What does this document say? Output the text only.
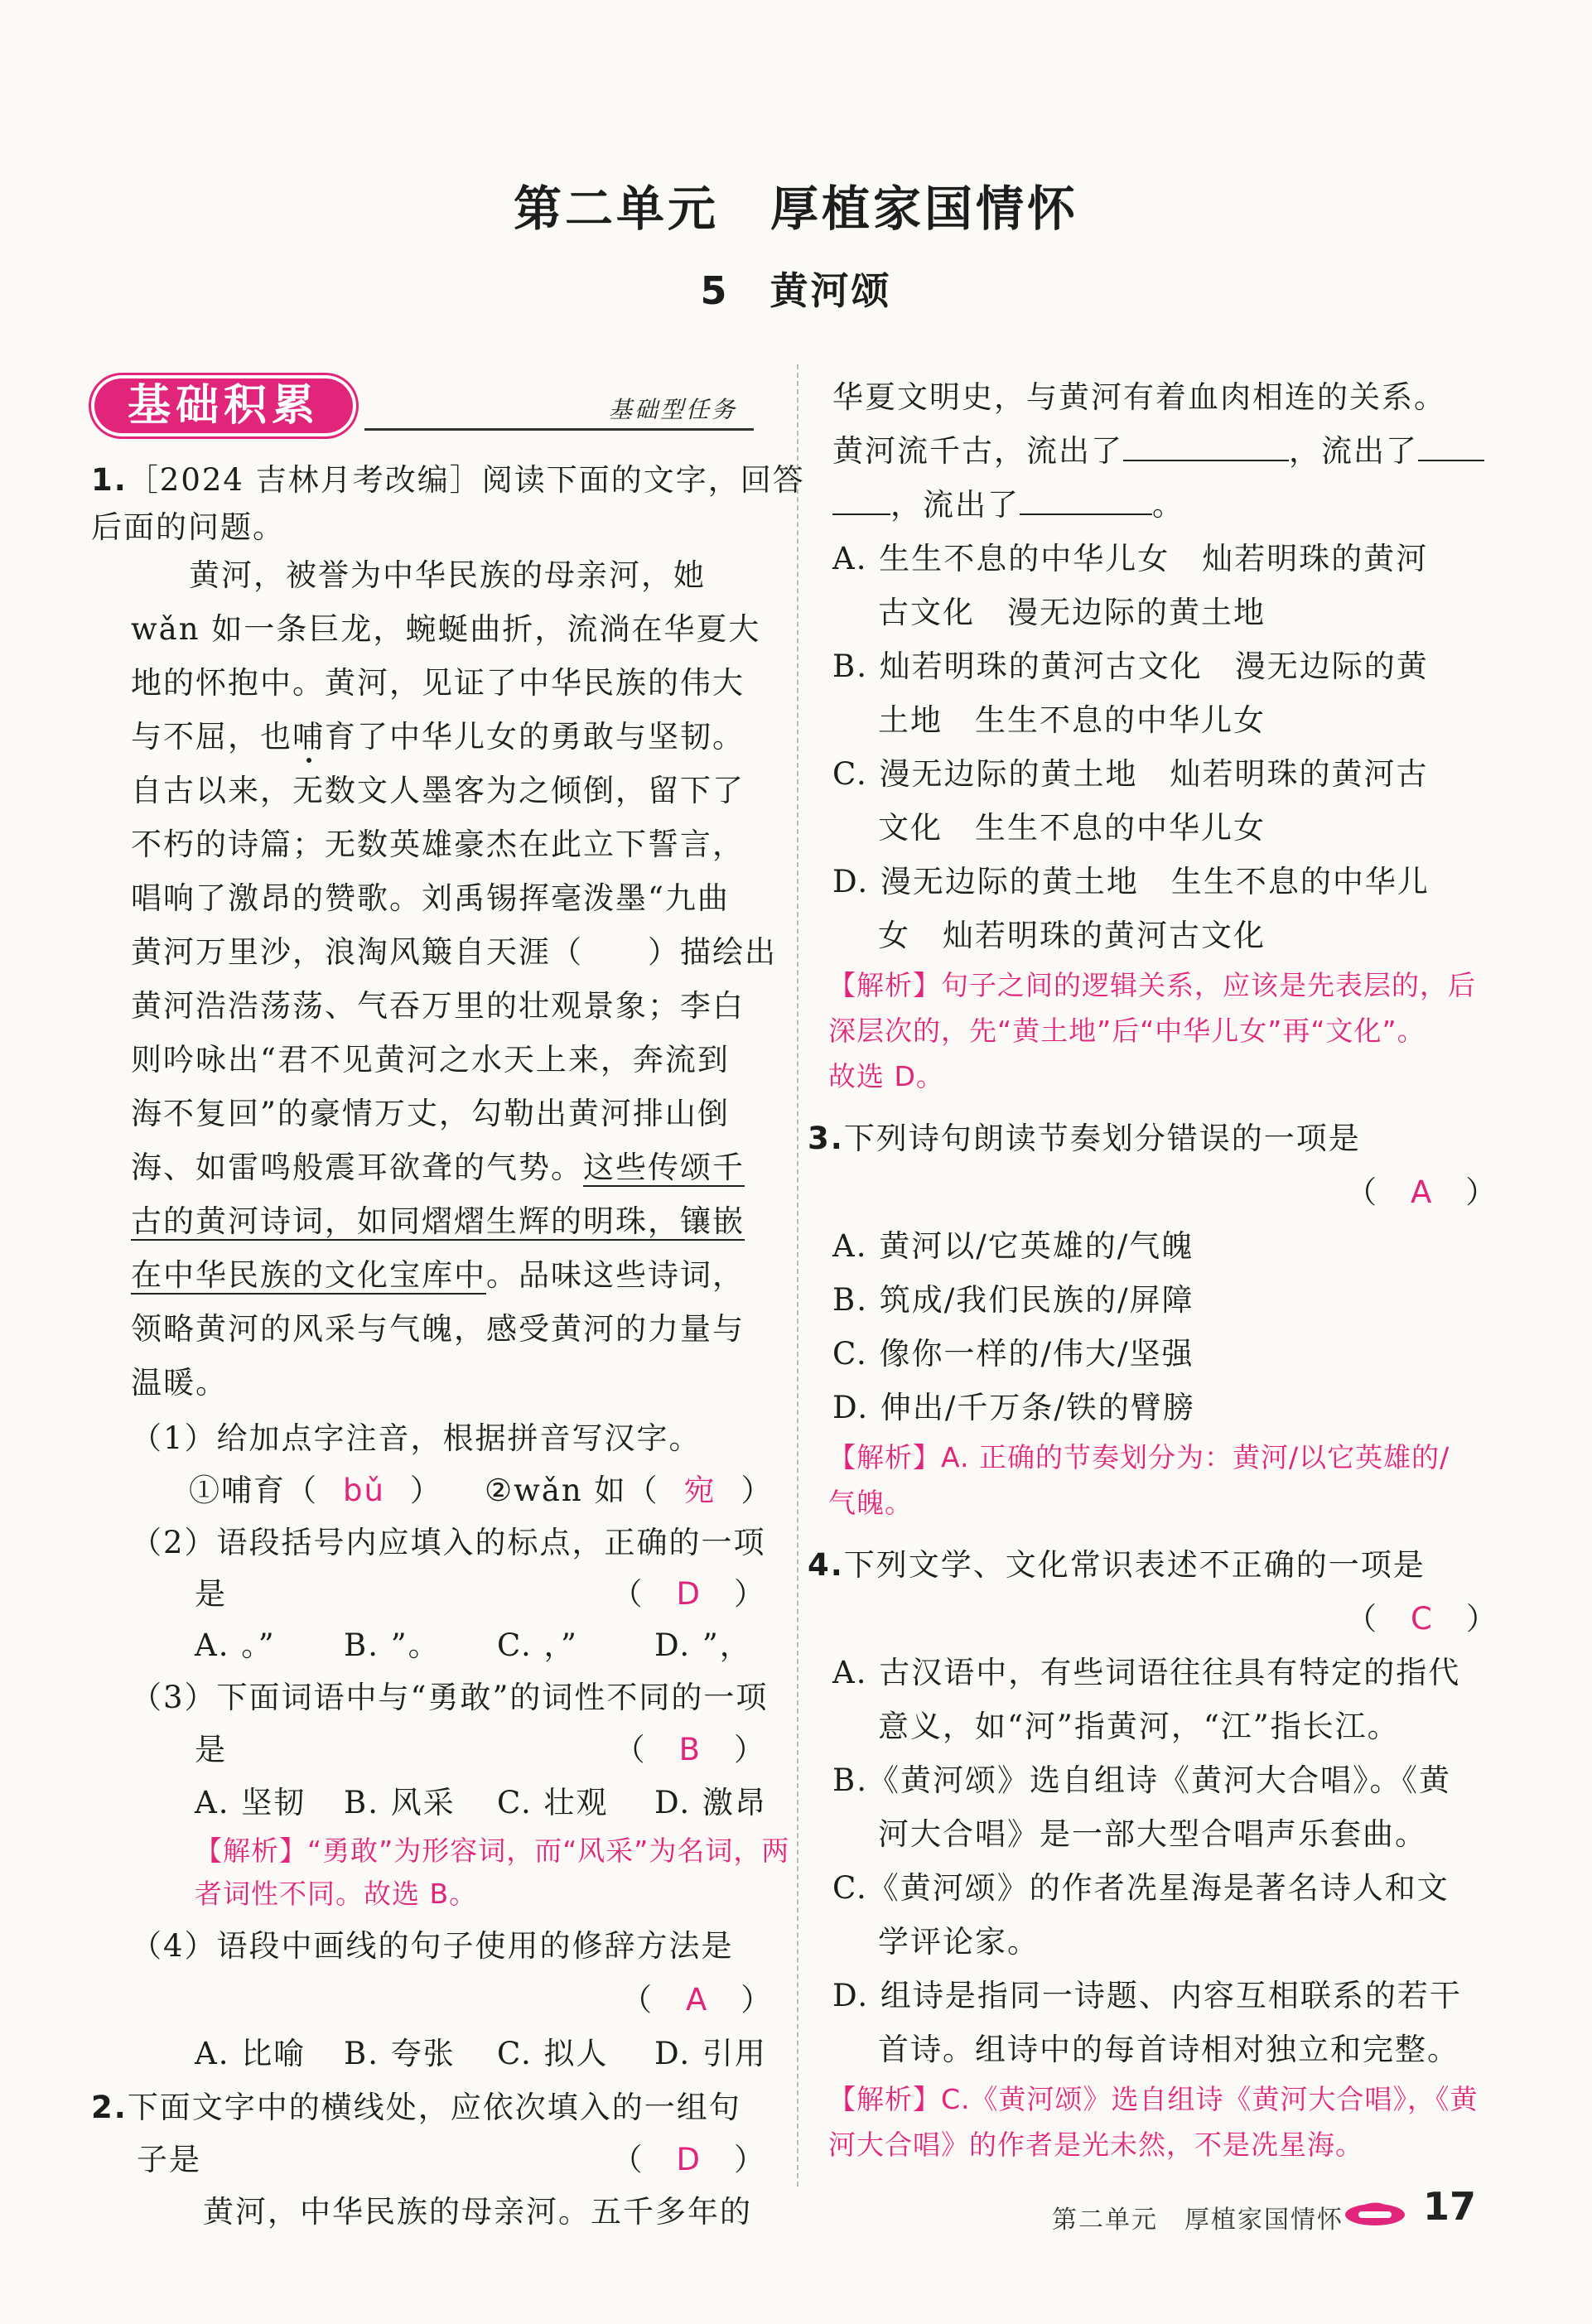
第二单元　厚植家国情怀
5　黄河颂
基础积累	基础型任务
1.［2024 吉林月考改编］阅读下面的文字，回答
后面的问题。
黄河，被誉为中华民族的母亲河，她
wǎn 如一条巨龙，蜿蜒曲折，流淌在华夏大
地的怀抱中。黄河，见证了中华民族的伟大
与不屈，也哺育了中华儿女的勇敢与坚韧。
自古以来，无数文人墨客为之倾倒，留下了
不朽的诗篇；无数英雄豪杰在此立下誓言，
唱响了激昂的赞歌。刘禹锡挥毫泼墨“九曲
黄河万里沙，浪淘风簸自天涯（　　）描绘出
黄河浩浩荡荡、气吞万里的壮观景象；李白
则吟咏出“君不见黄河之水天上来，奔流到
海不复回”的豪情万丈，勾勒出黄河排山倒
海、如雷鸣般震耳欲聋的气势。这些传颂千
古的黄河诗词，如同熠熠生辉的明珠，镶嵌
在中华民族的文化宝库中。品味这些诗词，
领略黄河的风采与气魄，感受黄河的力量与
温暖。
（1）给加点字注音，根据拼音写汉字。
①哺育（ bǔ ） ②wǎn 如（ 宛 ）
（2）语段括号内应填入的标点，正确的一项
是	（　D　）
A. 。” B. ”。 C. ，” D. ”，
（3）下面词语中与“勇敢”的词性不同的一项
是	（　B　）
A. 坚韧 B. 风采 C. 壮观 D. 激昂
【解析】“勇敢”为形容词，而“风采”为名词，两
者词性不同。故选 B。
（4）语段中画线的句子使用的修辞方法是
（　A　）
A. 比喻 B. 夸张 C. 拟人 D. 引用
2.下面文字中的横线处，应依次填入的一组句
子是	（　D　）
黄河，中华民族的母亲河。五千多年的
华夏文明史，与黄河有着血肉相连的关系。
黄河流千古，流出了	，流出了
，流出了	。
A. 生生不息的中华儿女　灿若明珠的黄河
古文化　漫无边际的黄土地
B. 灿若明珠的黄河古文化　漫无边际的黄
土地　生生不息的中华儿女
C. 漫无边际的黄土地　灿若明珠的黄河古
文化　生生不息的中华儿女
D. 漫无边际的黄土地　生生不息的中华儿
女　灿若明珠的黄河古文化
【解析】句子之间的逻辑关系，应该是先表层的，后
深层次的，先“黄土地”后“中华儿女”再“文化”。
故选 D。
3.下列诗句朗读节奏划分错误的一项是
（　A　）
A. 黄河以/它英雄的/气魄
B. 筑成/我们民族的/屏障
C. 像你一样的/伟大/坚强
D. 伸出/千万条/铁的臂膀
【解析】A. 正确的节奏划分为：黄河/以它英雄的/
气魄。
4.下列文学、文化常识表述不正确的一项是
（　C　）
A. 古汉语中，有些词语往往具有特定的指代
意义，如“河”指黄河，“江”指长江。
B.《黄河颂》选自组诗《黄河大合唱》。《黄
河大合唱》是一部大型合唱声乐套曲。
C.《黄河颂》的作者冼星海是著名诗人和文
学评论家。
D. 组诗是指同一诗题、内容互相联系的若干
首诗。组诗中的每首诗相对独立和完整。
【解析】C.《黄河颂》选自组诗《黄河大合唱》，《黄
河大合唱》的作者是光未然，不是冼星海。
第二单元　厚植家国情怀 17
